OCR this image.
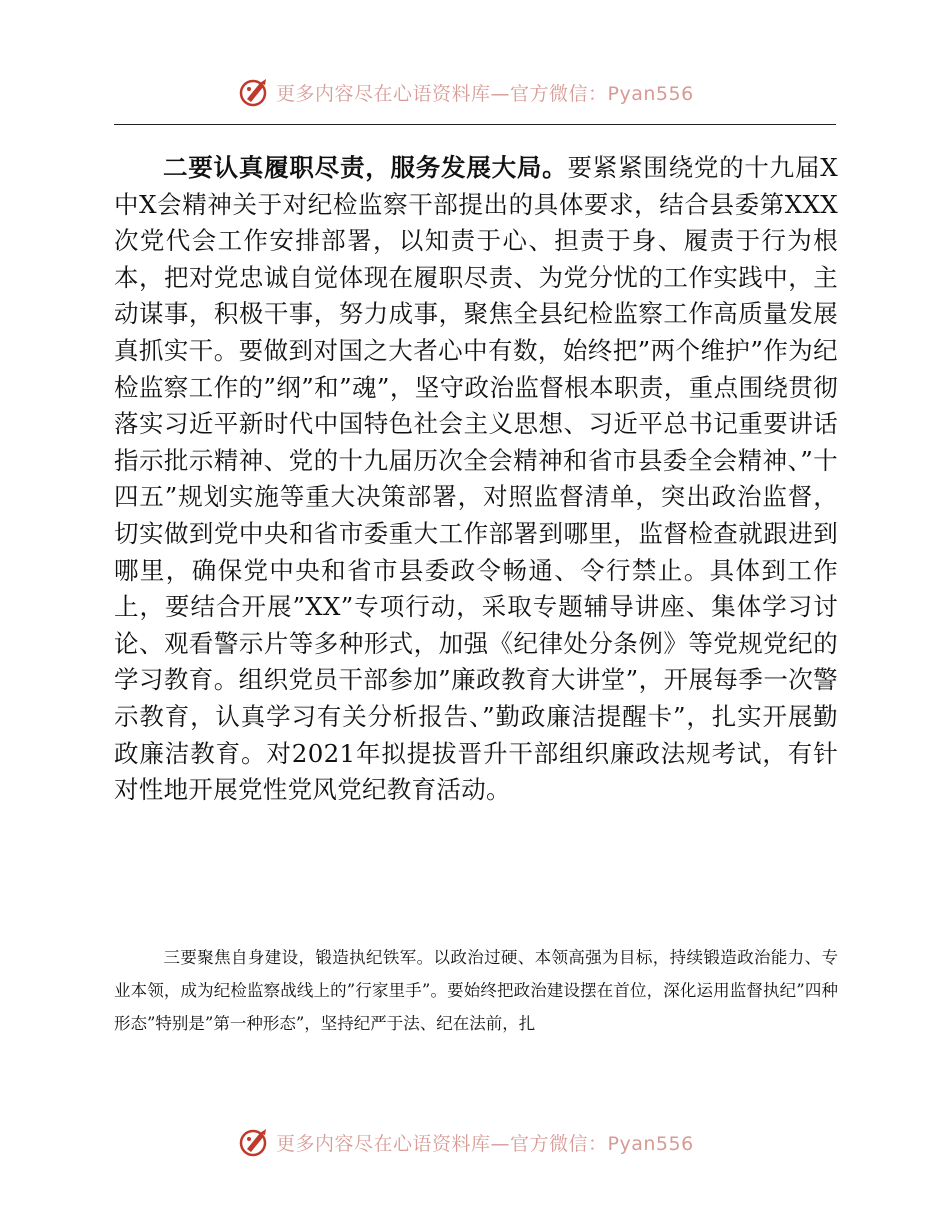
更多内容尽在心语资料库—官方微信：Pyan556

二要认真履职尽责，服务发展大局。要紧紧围绕党的十九届X中X会精神关于对纪检监察干部提出的具体要求，结合县委第XXX次党代会工作安排部署，以知责于心、担责于身、履责于行为根本，把对党忠诚自觉体现在履职尽责、为党分忧的工作实践中，主动谋事，积极干事，努力成事，聚焦全县纪检监察工作高质量发展真抓实干。要做到对国之大者心中有数，始终把”两个维护”作为纪检监察工作的”纲”和”魂”，坚守政治监督根本职责，重点围绕贯彻落实习近平新时代中国特色社会主义思想、习近平总书记重要讲话指示批示精神、党的十九届历次全会精神和省市县委全会精神、”十四五”规划实施等重大决策部署，对照监督清单，突出政治监督，切实做到党中央和省市委重大工作部署到哪里，监督检查就跟进到哪里，确保党中央和省市县委政令畅通、令行禁止。具体到工作上，要结合开展”XX”专项行动，采取专题辅导讲座、集体学习讨论、观看警示片等多种形式，加强《纪律处分条例》等党规党纪的学习教育。组织党员干部参加”廉政教育大讲堂”，开展每季一次警示教育，认真学习有关分析报告、”勤政廉洁提醒卡”，扎实开展勤政廉洁教育。对2021年拟提拔晋升干部组织廉政法规考试，有针对性地开展党性党风党纪教育活动。

三要聚焦自身建设，锻造执纪铁军。以政治过硬、本领高强为目标，持续锻造政治能力、专业本领，成为纪检监察战线上的”行家里手”。要始终把政治建设摆在首位，深化运用监督执纪”四种形态”特别是”第一种形态”，坚持纪严于法、纪在法前，扎

更多内容尽在心语资料库—官方微信：Pyan556
